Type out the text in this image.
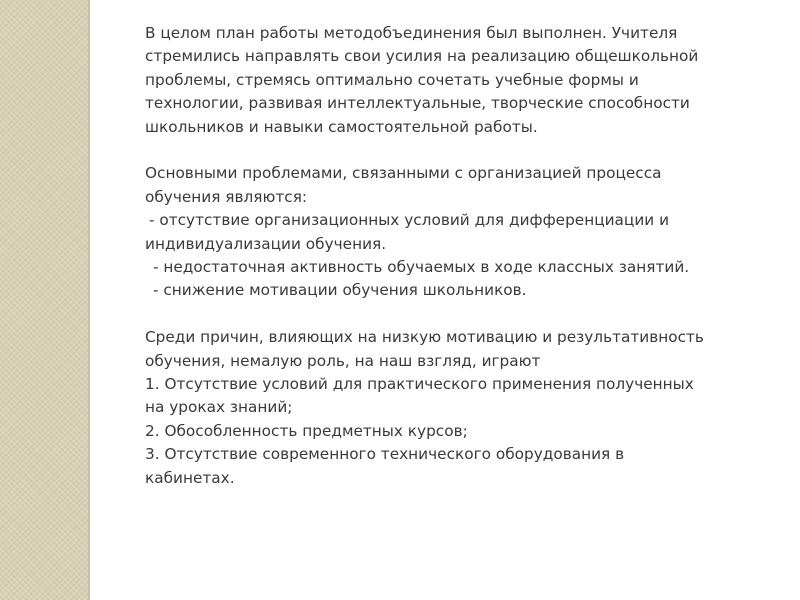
В целом план работы методобъединения был выполнен. Учителя
стремились направлять свои усилия на реализацию общешкольной
проблемы, стремясь оптимально сочетать учебные формы и
технологии, развивая интеллектуальные, творческие способности
школьников и навыки самостоятельной работы.
Основными проблемами, связанными с организацией процесса
обучения являются:
- отсутствие организационных условий для дифференциации и
индивидуализации обучения.
- недостаточная активность обучаемых в ходе классных занятий.
- снижение мотивации обучения школьников.
Среди причин, влияющих на низкую мотивацию и результативность
обучения, немалую роль, на наш взгляд, играют
1. Отсутствие условий для практического применения полученных
на уроках знаний;
2. Обособленность предметных курсов;
3. Отсутствие современного технического оборудования в
кабинетах.
